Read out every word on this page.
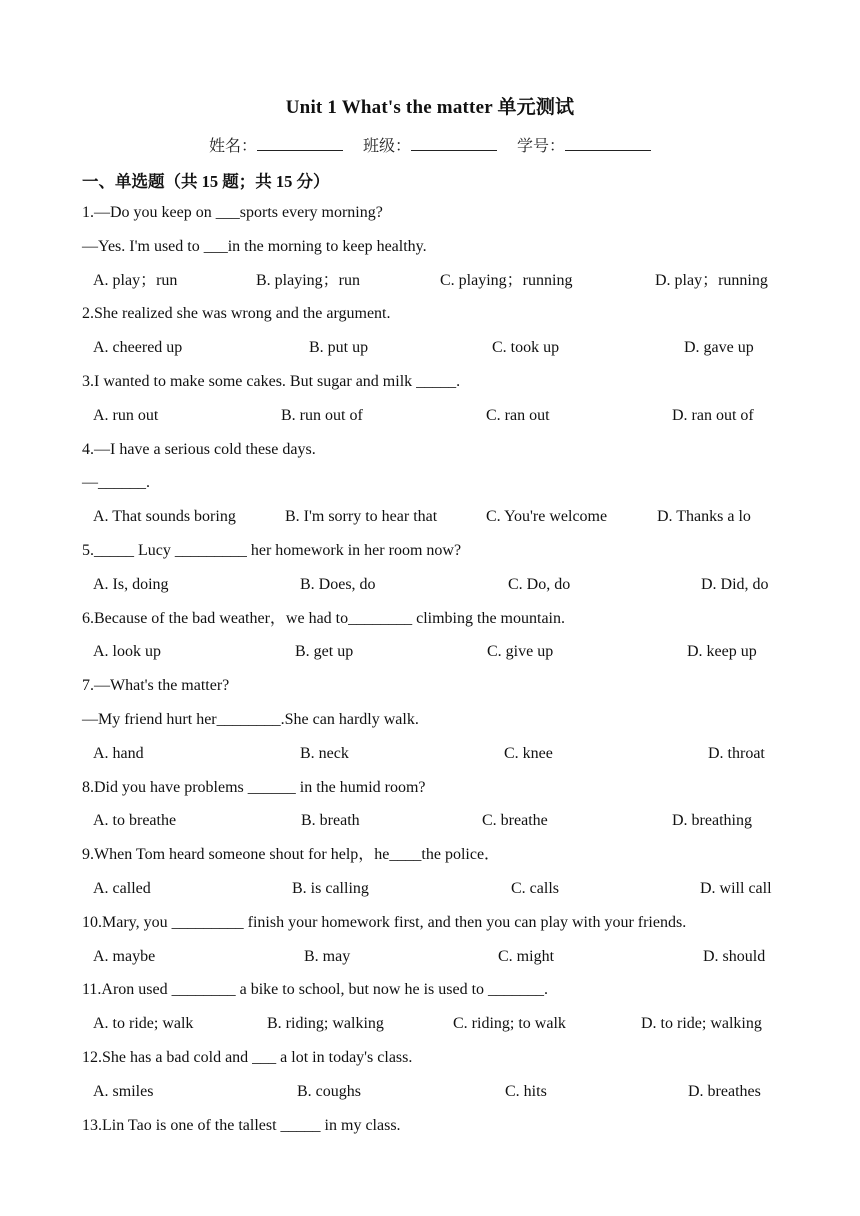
Unit 1 What's the matter 单元测试
姓名：	班级：	学号：
一、单选题（共 15 题；共 15 分）
1.—Do you keep on ___sports every morning?
—Yes. I'm used to ___in the morning to keep healthy.
A. play；run	B. playing；run	C. playing；running	D. play；running
2.She realized she was wrong and the argument.
A. cheered up	B. put up	C. took up	D. gave up
3.I wanted to make some cakes. But sugar and milk _____.
A. run out	B. run out of	C. ran out	D. ran out of
4.—I have a serious cold these days.
—______.
A. That sounds boring	B. I'm sorry to hear that	C. You're welcome	D. Thanks a lo
5._____ Lucy _________ her homework in her room now?
A. Is, doing	B. Does, do	C. Do, do	D. Did, do
6.Because of the bad weather，we had to________ climbing the mountain.
A. look up	B. get up	C. give up	D. keep up
7.—What's the matter?
—My friend hurt her________.She can hardly walk.
A. hand	B. neck	C. knee	D. throat
8.Did you have problems ______ in the humid room?
A. to breathe	B. breath	C. breathe	D. breathing
9.When Tom heard someone shout for help，he____the police．
A. called	B. is calling	C. calls	D. will call
10.Mary, you _________ finish your homework first, and then you can play with your friends.
A. maybe	B. may	C. might	D. should
11.Aron used ________ a bike to school, but now he is used to _______.
A. to ride; walk	B. riding; walking	C. riding; to walk	D. to ride; walking
12.She has a bad cold and ___ a lot in today's class.
A. smiles	B. coughs	C. hits	D. breathes
13.Lin Tao is one of the tallest _____ in my class.
